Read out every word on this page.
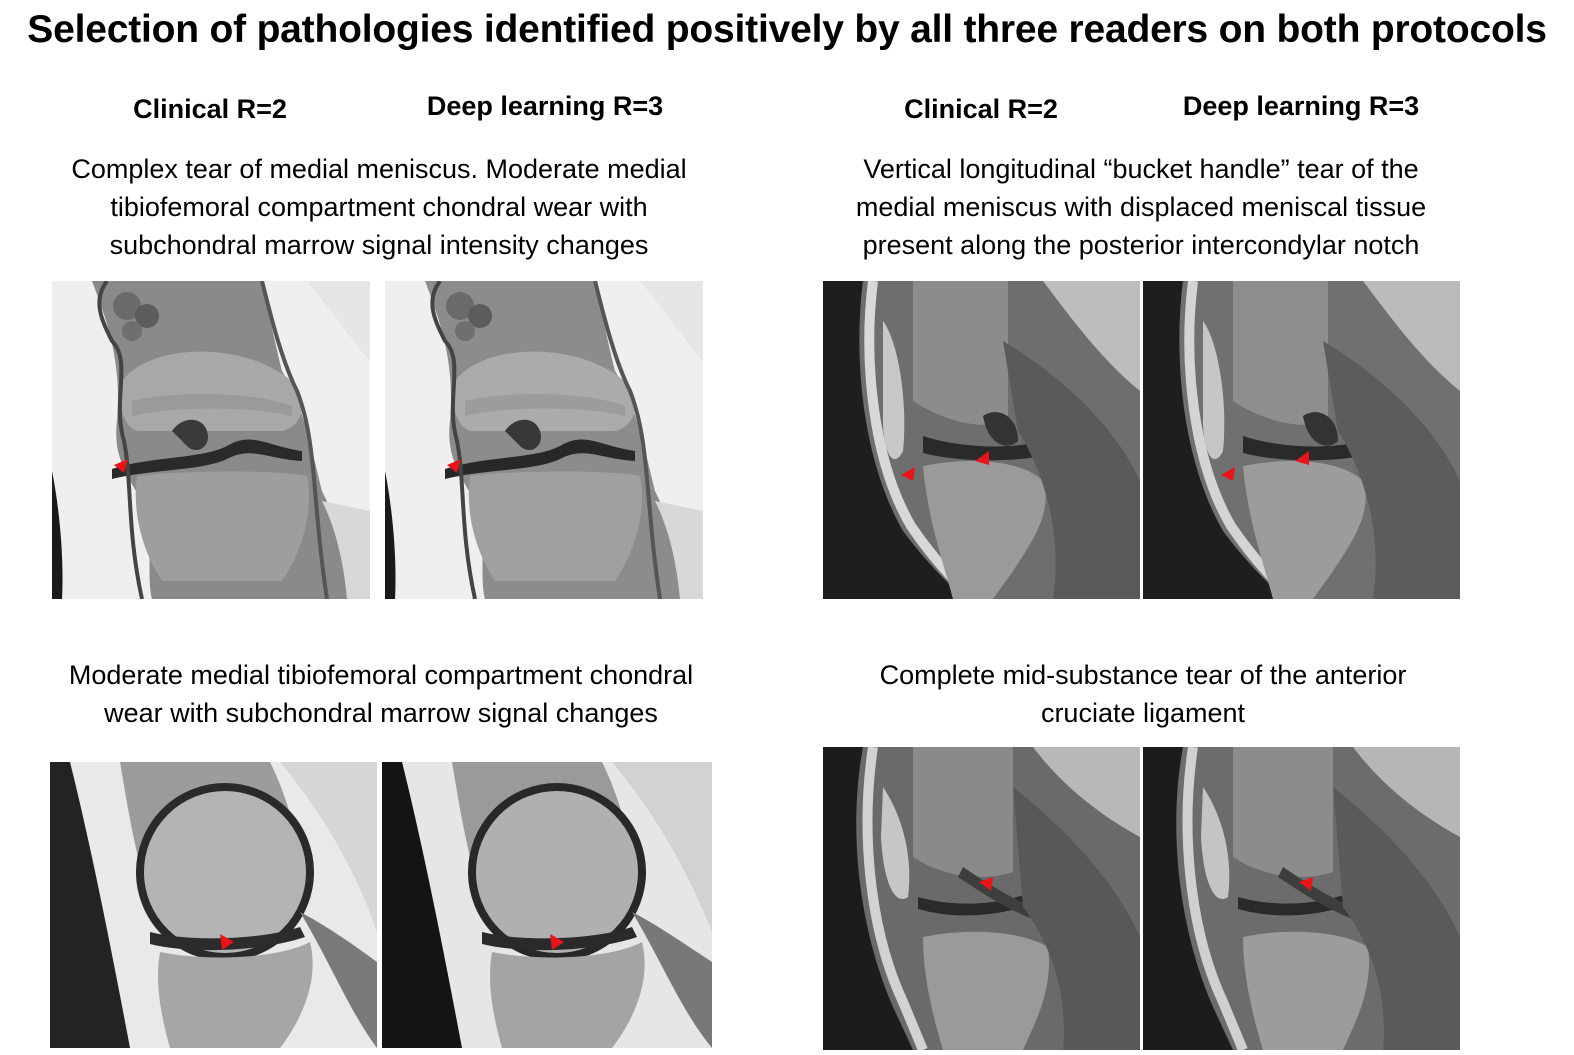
Selection of pathologies identified positively by all three readers on both protocols
Clinical R=2	Deep learning R=3	Clinical R=2	Deep learning R=3
Complex tear of medial meniscus. Moderate medial
tibiofemoral compartment chondral wear with
subchondral marrow signal intensity changes
Vertical longitudinal “bucket handle” tear of the
medial meniscus with displaced meniscal tissue
present along the posterior intercondylar notch
Moderate medial tibiofemoral compartment chondral
wear with subchondral marrow signal changes
Complete mid-substance tear of the anterior
cruciate ligament
